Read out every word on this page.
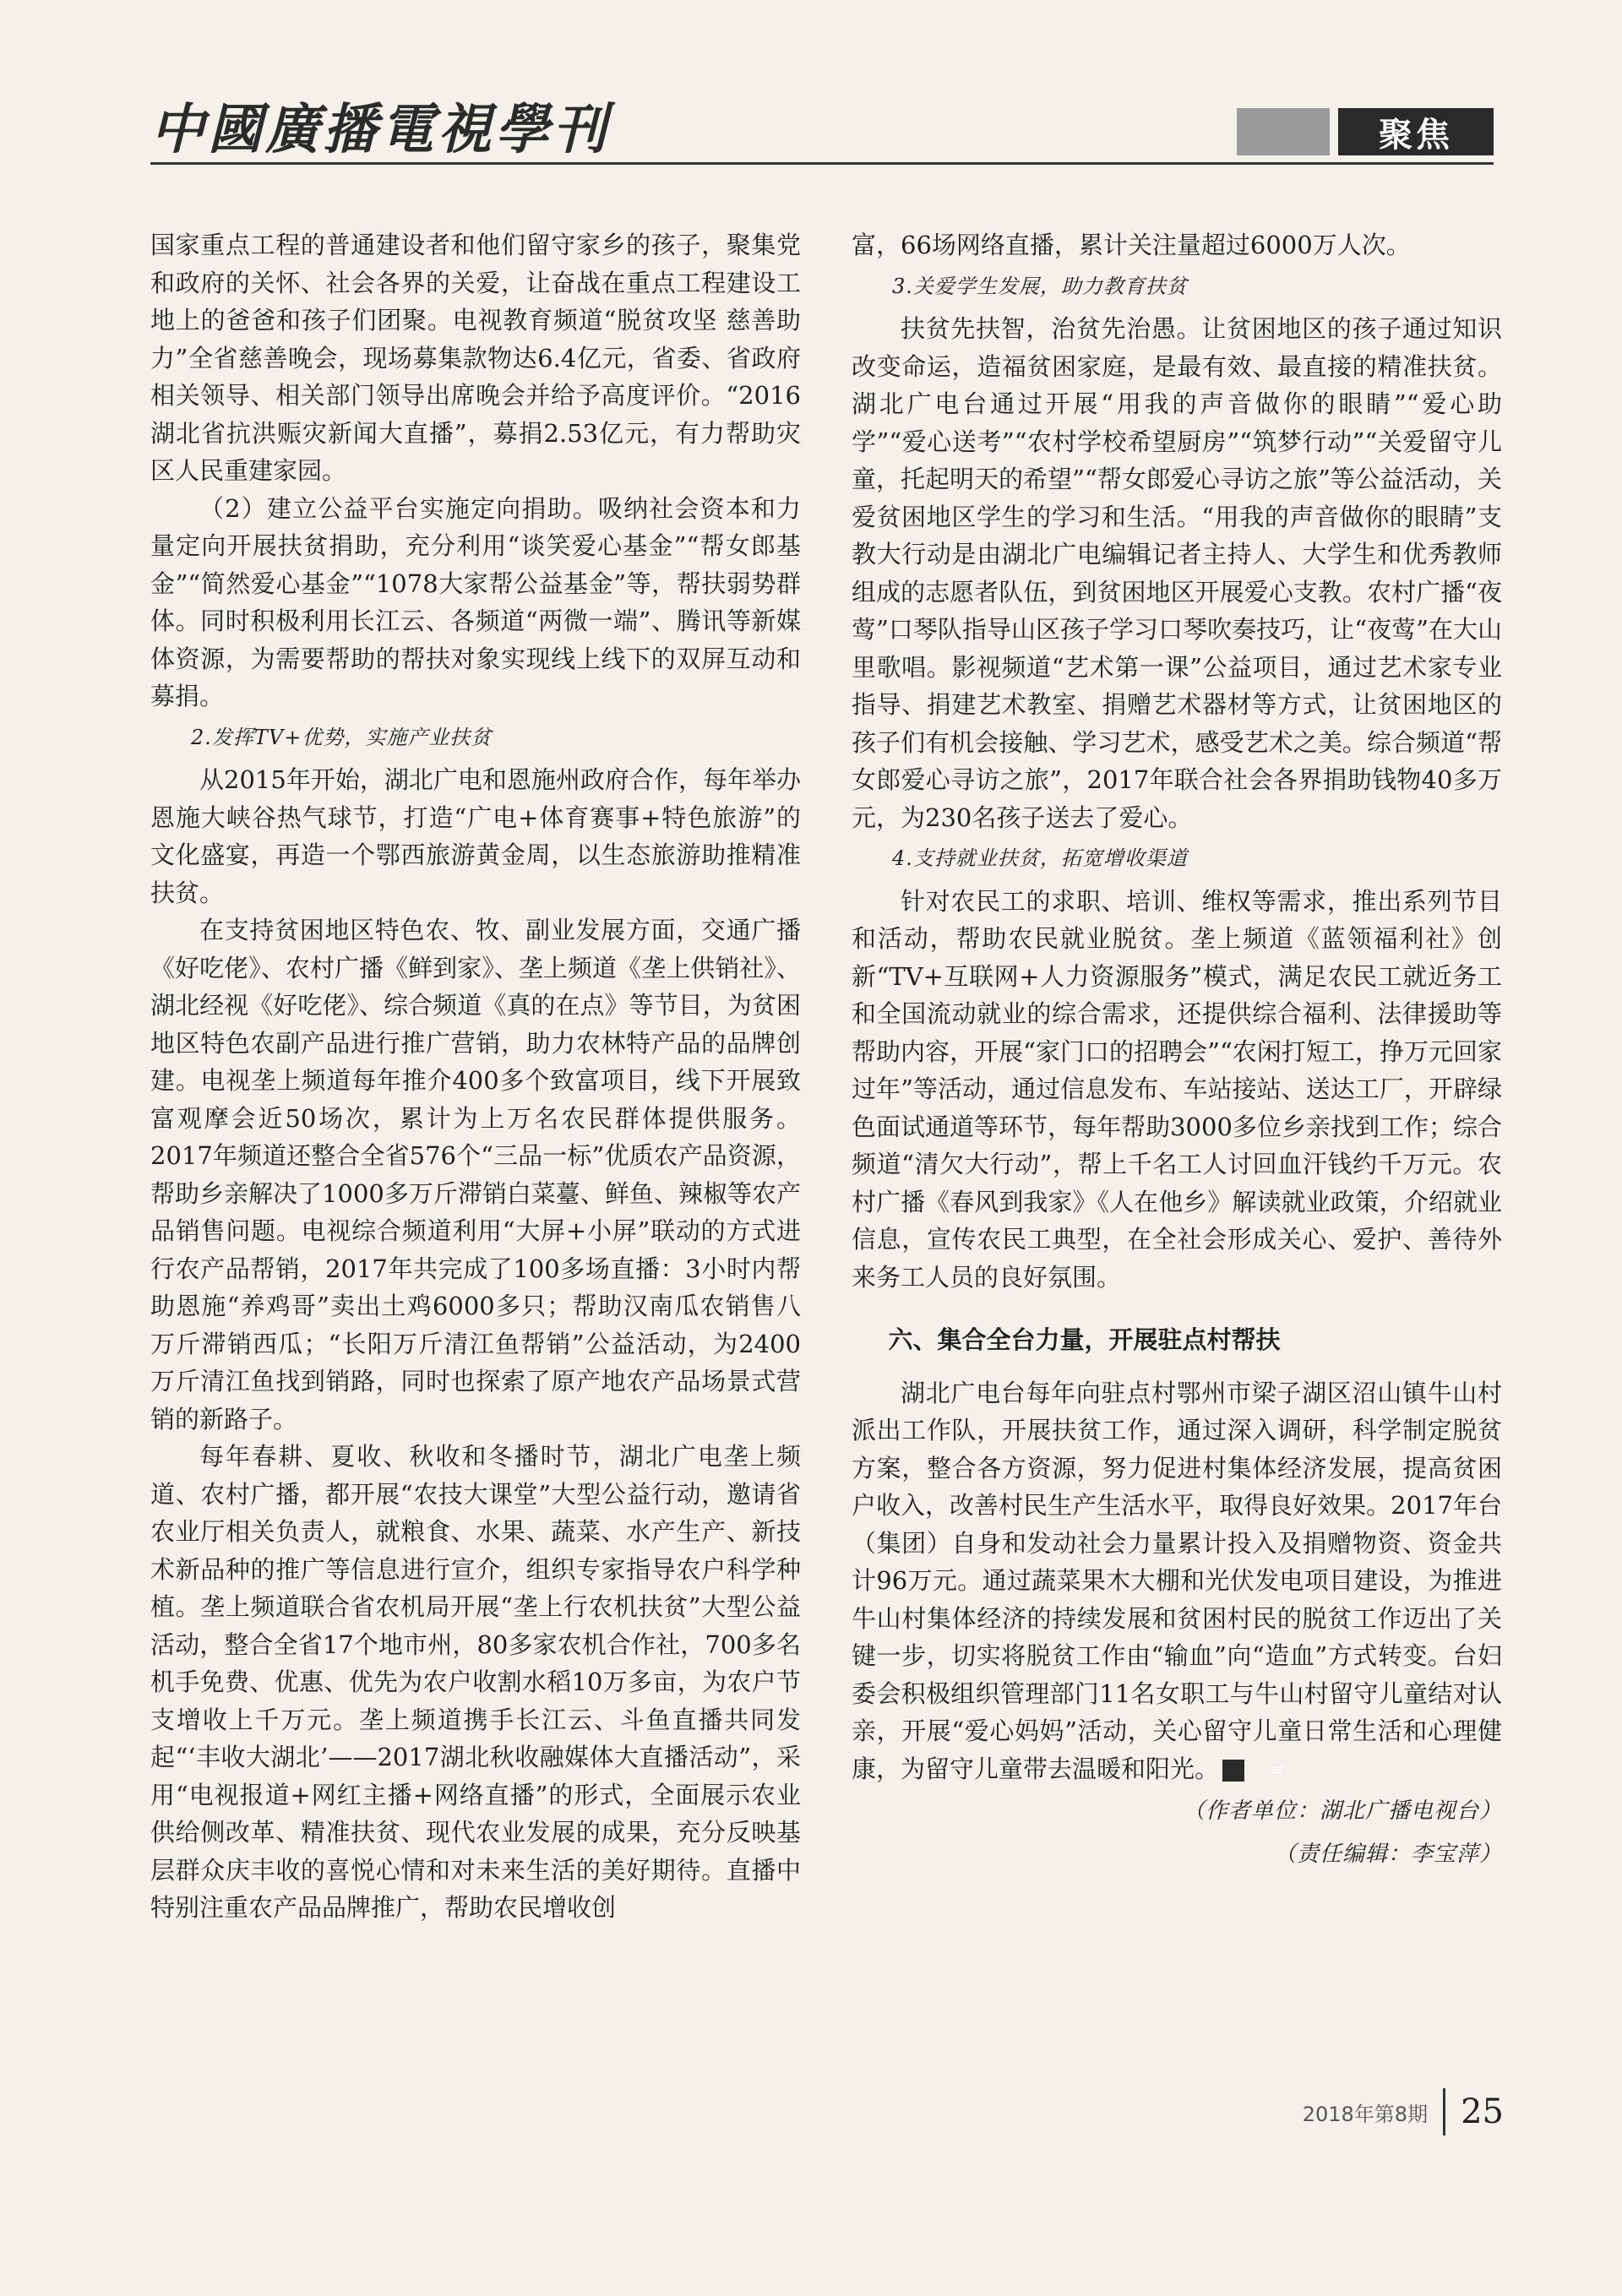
中國廣播電視學刊	聚焦

国家重点工程的普通建设者和他们留守家乡的孩子，聚集党和政府的关怀、社会各界的关爱，让奋战在重点工程建设工地上的爸爸和孩子们团聚。电视教育频道“脱贫攻坚 慈善助力”全省慈善晚会，现场募集款物达6.4亿元，省委、省政府相关领导、相关部门领导出席晚会并给予高度评价。“2016湖北省抗洪赈灾新闻大直播”，募捐2.53亿元，有力帮助灾区人民重建家园。

（2）建立公益平台实施定向捐助。吸纳社会资本和力量定向开展扶贫捐助，充分利用“谈笑爱心基金”“帮女郎基金”“简然爱心基金”“1078大家帮公益基金”等，帮扶弱势群体。同时积极利用长江云、各频道“两微一端”、腾讯等新媒体资源，为需要帮助的帮扶对象实现线上线下的双屏互动和募捐。

2.发挥TV+优势，实施产业扶贫

从2015年开始，湖北广电和恩施州政府合作，每年举办恩施大峡谷热气球节，打造“广电+体育赛事+特色旅游”的文化盛宴，再造一个鄂西旅游黄金周，以生态旅游助推精准扶贫。

在支持贫困地区特色农、牧、副业发展方面，交通广播《好吃佬》、农村广播《鲜到家》、垄上频道《垄上供销社》、湖北经视《好吃佬》、综合频道《真的在点》等节目，为贫困地区特色农副产品进行推广营销，助力农林特产品的品牌创建。电视垄上频道每年推介400多个致富项目，线下开展致富观摩会近50场次，累计为上万名农民群体提供服务。2017年频道还整合全省576个“三品一标”优质农产品资源，帮助乡亲解决了1000多万斤滞销白菜薹、鲜鱼、辣椒等农产品销售问题。电视综合频道利用“大屏+小屏”联动的方式进行农产品帮销，2017年共完成了100多场直播：3小时内帮助恩施“养鸡哥”卖出土鸡6000多只；帮助汉南瓜农销售八万斤滞销西瓜；“长阳万斤清江鱼帮销”公益活动，为2400万斤清江鱼找到销路，同时也探索了原产地农产品场景式营销的新路子。

每年春耕、夏收、秋收和冬播时节，湖北广电垄上频道、农村广播，都开展“农技大课堂”大型公益行动，邀请省农业厅相关负责人，就粮食、水果、蔬菜、水产生产、新技术新品种的推广等信息进行宣介，组织专家指导农户科学种植。垄上频道联合省农机局开展“垄上行农机扶贫”大型公益活动，整合全省17个地市州，80多家农机合作社，700多名机手免费、优惠、优先为农户收割水稻10万多亩，为农户节支增收上千万元。垄上频道携手长江云、斗鱼直播共同发起“‘丰收大湖北’——2017湖北秋收融媒体大直播活动”，采用“电视报道+网红主播+网络直播”的形式，全面展示农业供给侧改革、精准扶贫、现代农业发展的成果，充分反映基层群众庆丰收的喜悦心情和对未来生活的美好期待。直播中特别注重农产品品牌推广，帮助农民增收创

富，66场网络直播，累计关注量超过6000万人次。

3.关爱学生发展，助力教育扶贫

扶贫先扶智，治贫先治愚。让贫困地区的孩子通过知识改变命运，造福贫困家庭，是最有效、最直接的精准扶贫。湖北广电台通过开展“用我的声音做你的眼睛”“爱心助学”“爱心送考”“农村学校希望厨房”“筑梦行动”“关爱留守儿童，托起明天的希望”“帮女郎爱心寻访之旅”等公益活动，关爱贫困地区学生的学习和生活。“用我的声音做你的眼睛”支教大行动是由湖北广电编辑记者主持人、大学生和优秀教师组成的志愿者队伍，到贫困地区开展爱心支教。农村广播“夜莺”口琴队指导山区孩子学习口琴吹奏技巧，让“夜莺”在大山里歌唱。影视频道“艺术第一课”公益项目，通过艺术家专业指导、捐建艺术教室、捐赠艺术器材等方式，让贫困地区的孩子们有机会接触、学习艺术，感受艺术之美。综合频道“帮女郎爱心寻访之旅”，2017年联合社会各界捐助钱物40多万元，为230名孩子送去了爱心。

4.支持就业扶贫，拓宽增收渠道

针对农民工的求职、培训、维权等需求，推出系列节目和活动，帮助农民就业脱贫。垄上频道《蓝领福利社》创新“TV+互联网+人力资源服务”模式，满足农民工就近务工和全国流动就业的综合需求，还提供综合福利、法律援助等帮助内容，开展“家门口的招聘会”“农闲打短工，挣万元回家过年”等活动，通过信息发布、车站接站、送达工厂，开辟绿色面试通道等环节，每年帮助3000多位乡亲找到工作；综合频道“清欠大行动”，帮上千名工人讨回血汗钱约千万元。农村广播《春风到我家》《人在他乡》解读就业政策，介绍就业信息，宣传农民工典型，在全社会形成关心、爱护、善待外来务工人员的良好氛围。

六、集合全台力量，开展驻点村帮扶

湖北广电台每年向驻点村鄂州市梁子湖区沼山镇牛山村派出工作队，开展扶贫工作，通过深入调研，科学制定脱贫方案，整合各方资源，努力促进村集体经济发展，提高贫困户收入，改善村民生产生活水平，取得良好效果。2017年台（集团）自身和发动社会力量累计投入及捐赠物资、资金共计96万元。通过蔬菜果木大棚和光伏发电项目建设，为推进牛山村集体经济的持续发展和贫困村民的脱贫工作迈出了关键一步，切实将脱贫工作由“输血”向“造血”方式转变。台妇委会积极组织管理部门11名女职工与牛山村留守儿童结对认亲，开展“爱心妈妈”活动，关心留守儿童日常生活和心理健康，为留守儿童带去温暖和阳光。	≡

（作者单位：湖北广播电视台）
（责任编辑：李宝萍）
2018年第8期 25
